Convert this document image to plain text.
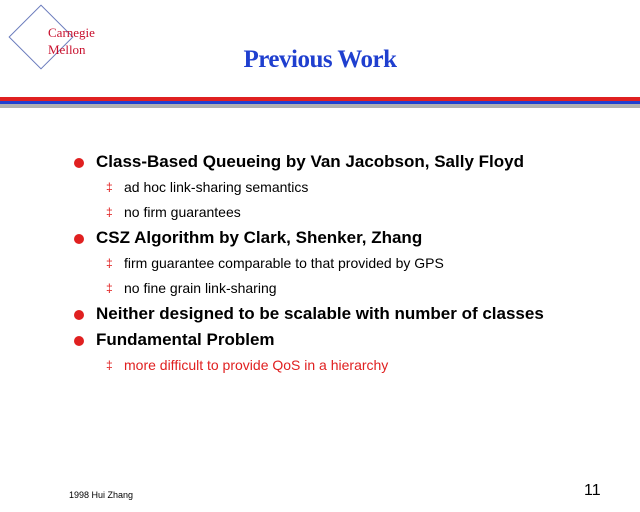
Carnegie
Mellon	Previous Work
Class-Based Queueing by Van Jacobson, Sally Floyd
‡ ad hoc link-sharing semantics
‡ no firm guarantees
CSZ Algorithm by Clark, Shenker, Zhang
‡ firm guarantee comparable to that provided by GPS
‡ no fine grain link-sharing
Neither designed to be scalable with number of classes
Fundamental Problem
‡ more difficult to provide QoS in a hierarchy
1998 Hui Zhang	11
